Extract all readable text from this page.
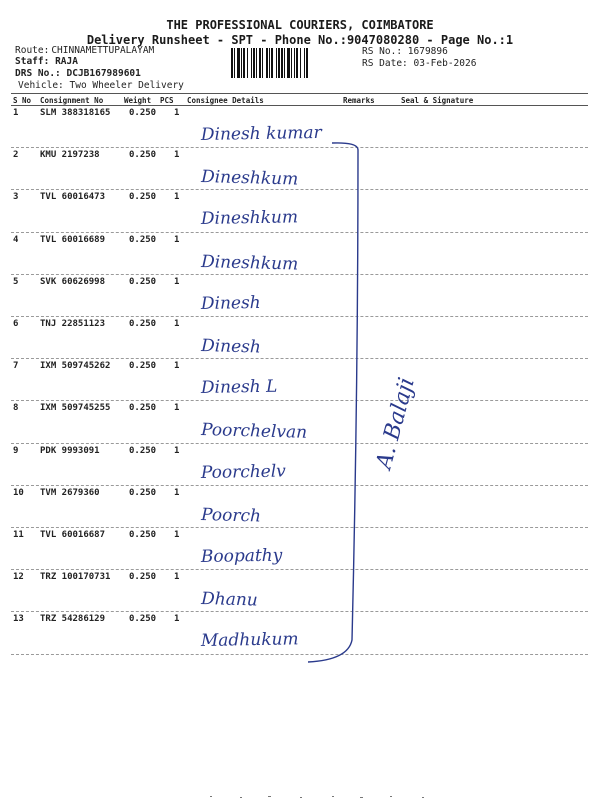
THE PROFESSIONAL COURIERS, COIMBATORE
Delivery Runsheet - SPT - Phone No.:9047080280 - Page No.:1
Route: CHINNAMETTUPALAYAM
Staff: RAJA
DRS No.: DCJB167989601
Vehicle: Two Wheeler Delivery
RS No.: 1679896
RS Date: 03-Feb-2026
S No Consignment No	Weight PCS Consignee Details	Remarks	Seal & Signature
1 SLM 388318165 0.250 1
Dinesh kumar
2 KMU 2197238	0.250 1
Dineshkum
3 TVL 60016473	0.250 1
Dineshkum
4 TVL 60016689	0.250 1
Dineshkum
5 SVK 60626998	0.250 1
Dinesh
6 TNJ 22851123	0.250 1
Dinesh
7 IXM 509745262 0.250 1
Dinesh L
8 IXM 509745255 0.250 1
Poorchelvan
9 PDK 9993091	0.250 1
Poorchelv
10 TVM 2679360	0.250 1
Poorch
11 TVL 60016687	0.250 1
Boopathy
12 TRZ 100170731 0.250 1
Dhanu
13 TRZ 54286129	0.250 1
Madhukum
A. Balaji
